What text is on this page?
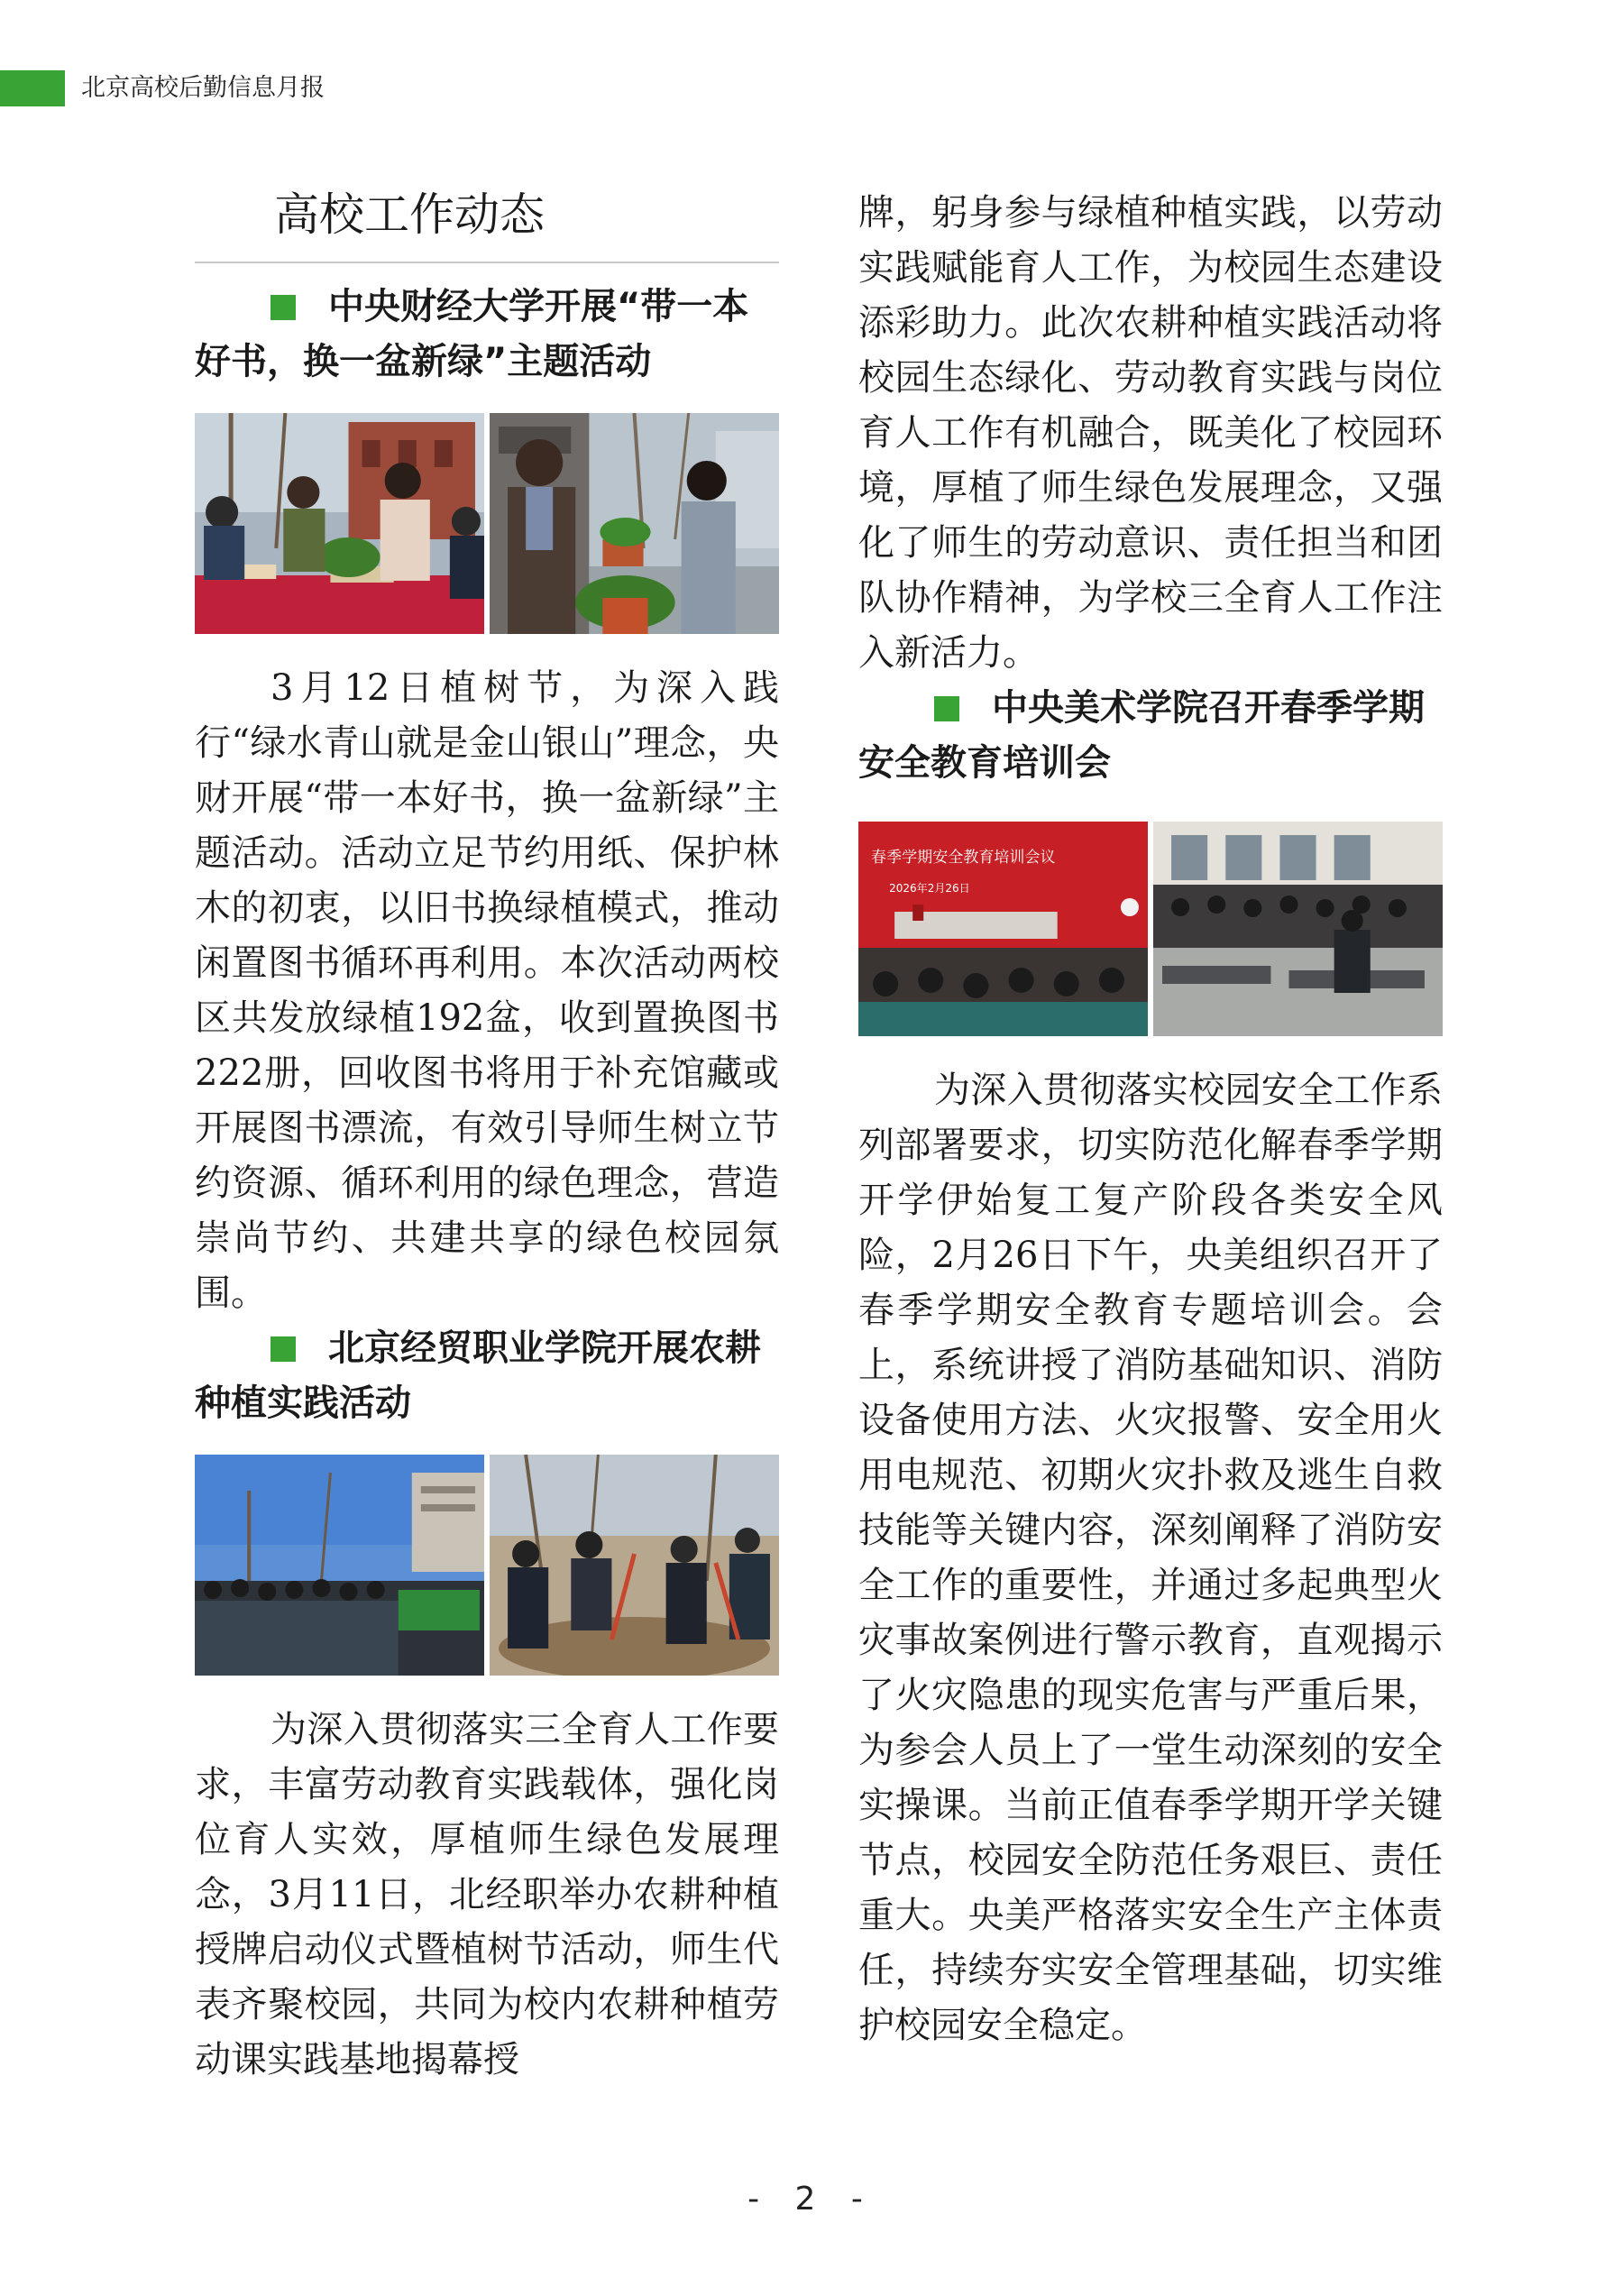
北京高校后勤信息月报
高校工作动态
中央财经大学开展“带一本好书，换一盆新绿”主题活动
3月12日植树节，为深入践行“绿水青山就是金山银山”理念，央财开展“带一本好书，换一盆新绿”主题活动。活动立足节约用纸、保护林木的初衷，以旧书换绿植模式，推动闲置图书循环再利用。本次活动两校区共发放绿植192盆，收到置换图书222册，回收图书将用于补充馆藏或开展图书漂流，有效引导师生树立节约资源、循环利用的绿色理念，营造崇尚节约、共建共享的绿色校园氛围。
北京经贸职业学院开展农耕种植实践活动
为深入贯彻落实三全育人工作要求，丰富劳动教育实践载体，强化岗位育人实效，厚植师生绿色发展理念，3月11日，北经职举办农耕种植授牌启动仪式暨植树节活动，师生代表齐聚校园，共同为校内农耕种植劳动课实践基地揭幕授
牌，躬身参与绿植种植实践，以劳动实践赋能育人工作，为校园生态建设添彩助力。此次农耕种植实践活动将校园生态绿化、劳动教育实践与岗位育人工作有机融合，既美化了校园环境，厚植了师生绿色发展理念，又强化了师生的劳动意识、责任担当和团队协作精神，为学校三全育人工作注入新活力。
中央美术学院召开春季学期安全教育培训会
春季学期安全教育培训会议
2026年2月26日
为深入贯彻落实校园安全工作系列部署要求，切实防范化解春季学期开学伊始复工复产阶段各类安全风险，2月26日下午，央美组织召开了春季学期安全教育专题培训会。会上，系统讲授了消防基础知识、消防设备使用方法、火灾报警、安全用火用电规范、初期火灾扑救及逃生自救技能等关键内容，深刻阐释了消防安全工作的重要性，并通过多起典型火灾事故案例进行警示教育，直观揭示了火灾隐患的现实危害与严重后果，为参会人员上了一堂生动深刻的安全实操课。当前正值春季学期开学关键节点，校园安全防范任务艰巨、责任重大。央美严格落实安全生产主体责任，持续夯实安全管理基础，切实维护校园安全稳定。
- 2 -
